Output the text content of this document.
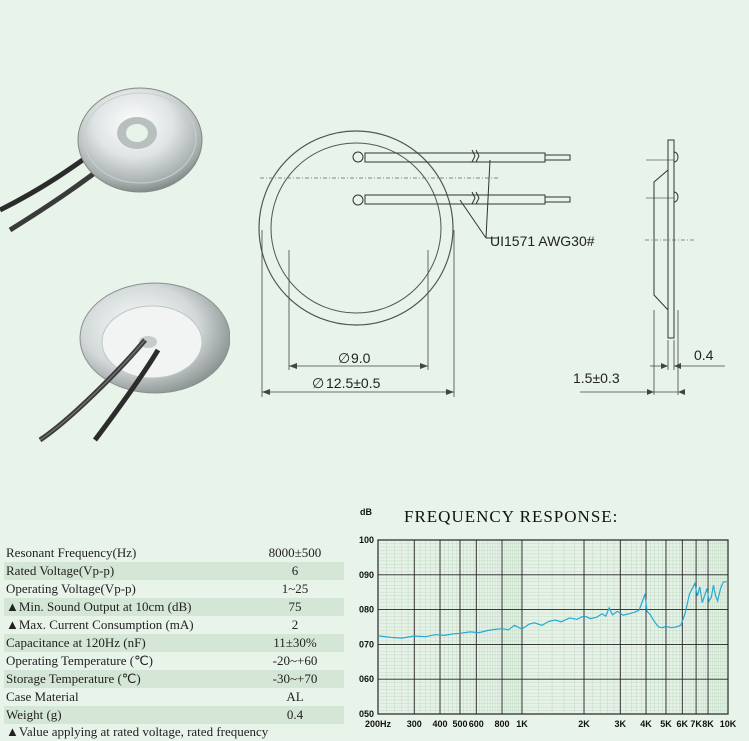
UI1571 AWG30#
∅ 9.0
∅ 12.5±0.5
0.4
1.5±0.3
Resonant Frequency(Hz)	8000±500
Rated Voltage(Vp-p)	6
Operating Voltage(Vp-p)	1~25
▲Min. Sound Output at 10cm (dB)	75
▲Max. Current Consumption (mA)	2
Capacitance at 120Hz (nF)	11±30%
Operating Temperature (℃)	-20~+60
Storage Temperature (℃)	-30~+70
Case Material	AL
Weight (g)	0.4
▲Value applying at rated voltage, rated frequency
dB FREQUENCY RESPONSE:
100
090
080
070
060
050
200Hz 300 400 500 600 800 1K	2K	3K 4K 5K 6K 7K 8K 10K
